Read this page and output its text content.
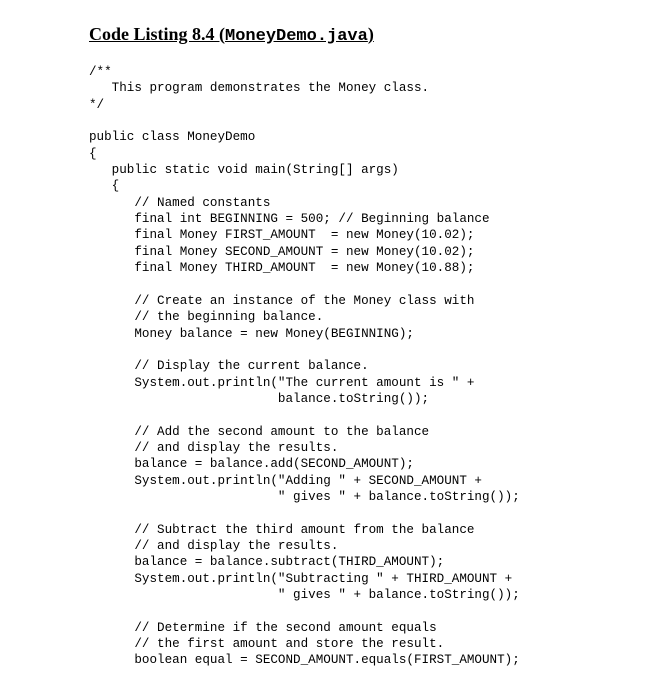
Code Listing 8.4 (MoneyDemo.java)
/**
This program demonstrates the Money class.
*/

public class MoneyDemo
{
public static void main(String[] args)
{
// Named constants
final int BEGINNING = 500; // Beginning balance
final Money FIRST_AMOUNT  = new Money(10.02);
final Money SECOND_AMOUNT = new Money(10.02);
final Money THIRD_AMOUNT  = new Money(10.88);

// Create an instance of the Money class with
// the beginning balance.
Money balance = new Money(BEGINNING);

// Display the current balance.
System.out.println("The current amount is " +
balance.toString());

// Add the second amount to the balance
// and display the results.
balance = balance.add(SECOND_AMOUNT);
System.out.println("Adding " + SECOND_AMOUNT +
" gives " + balance.toString());

// Subtract the third amount from the balance
// and display the results.
balance = balance.subtract(THIRD_AMOUNT);
System.out.println("Subtracting " + THIRD_AMOUNT +
" gives " + balance.toString());

// Determine if the second amount equals
// the first amount and store the result.
boolean equal = SECOND_AMOUNT.equals(FIRST_AMOUNT);
